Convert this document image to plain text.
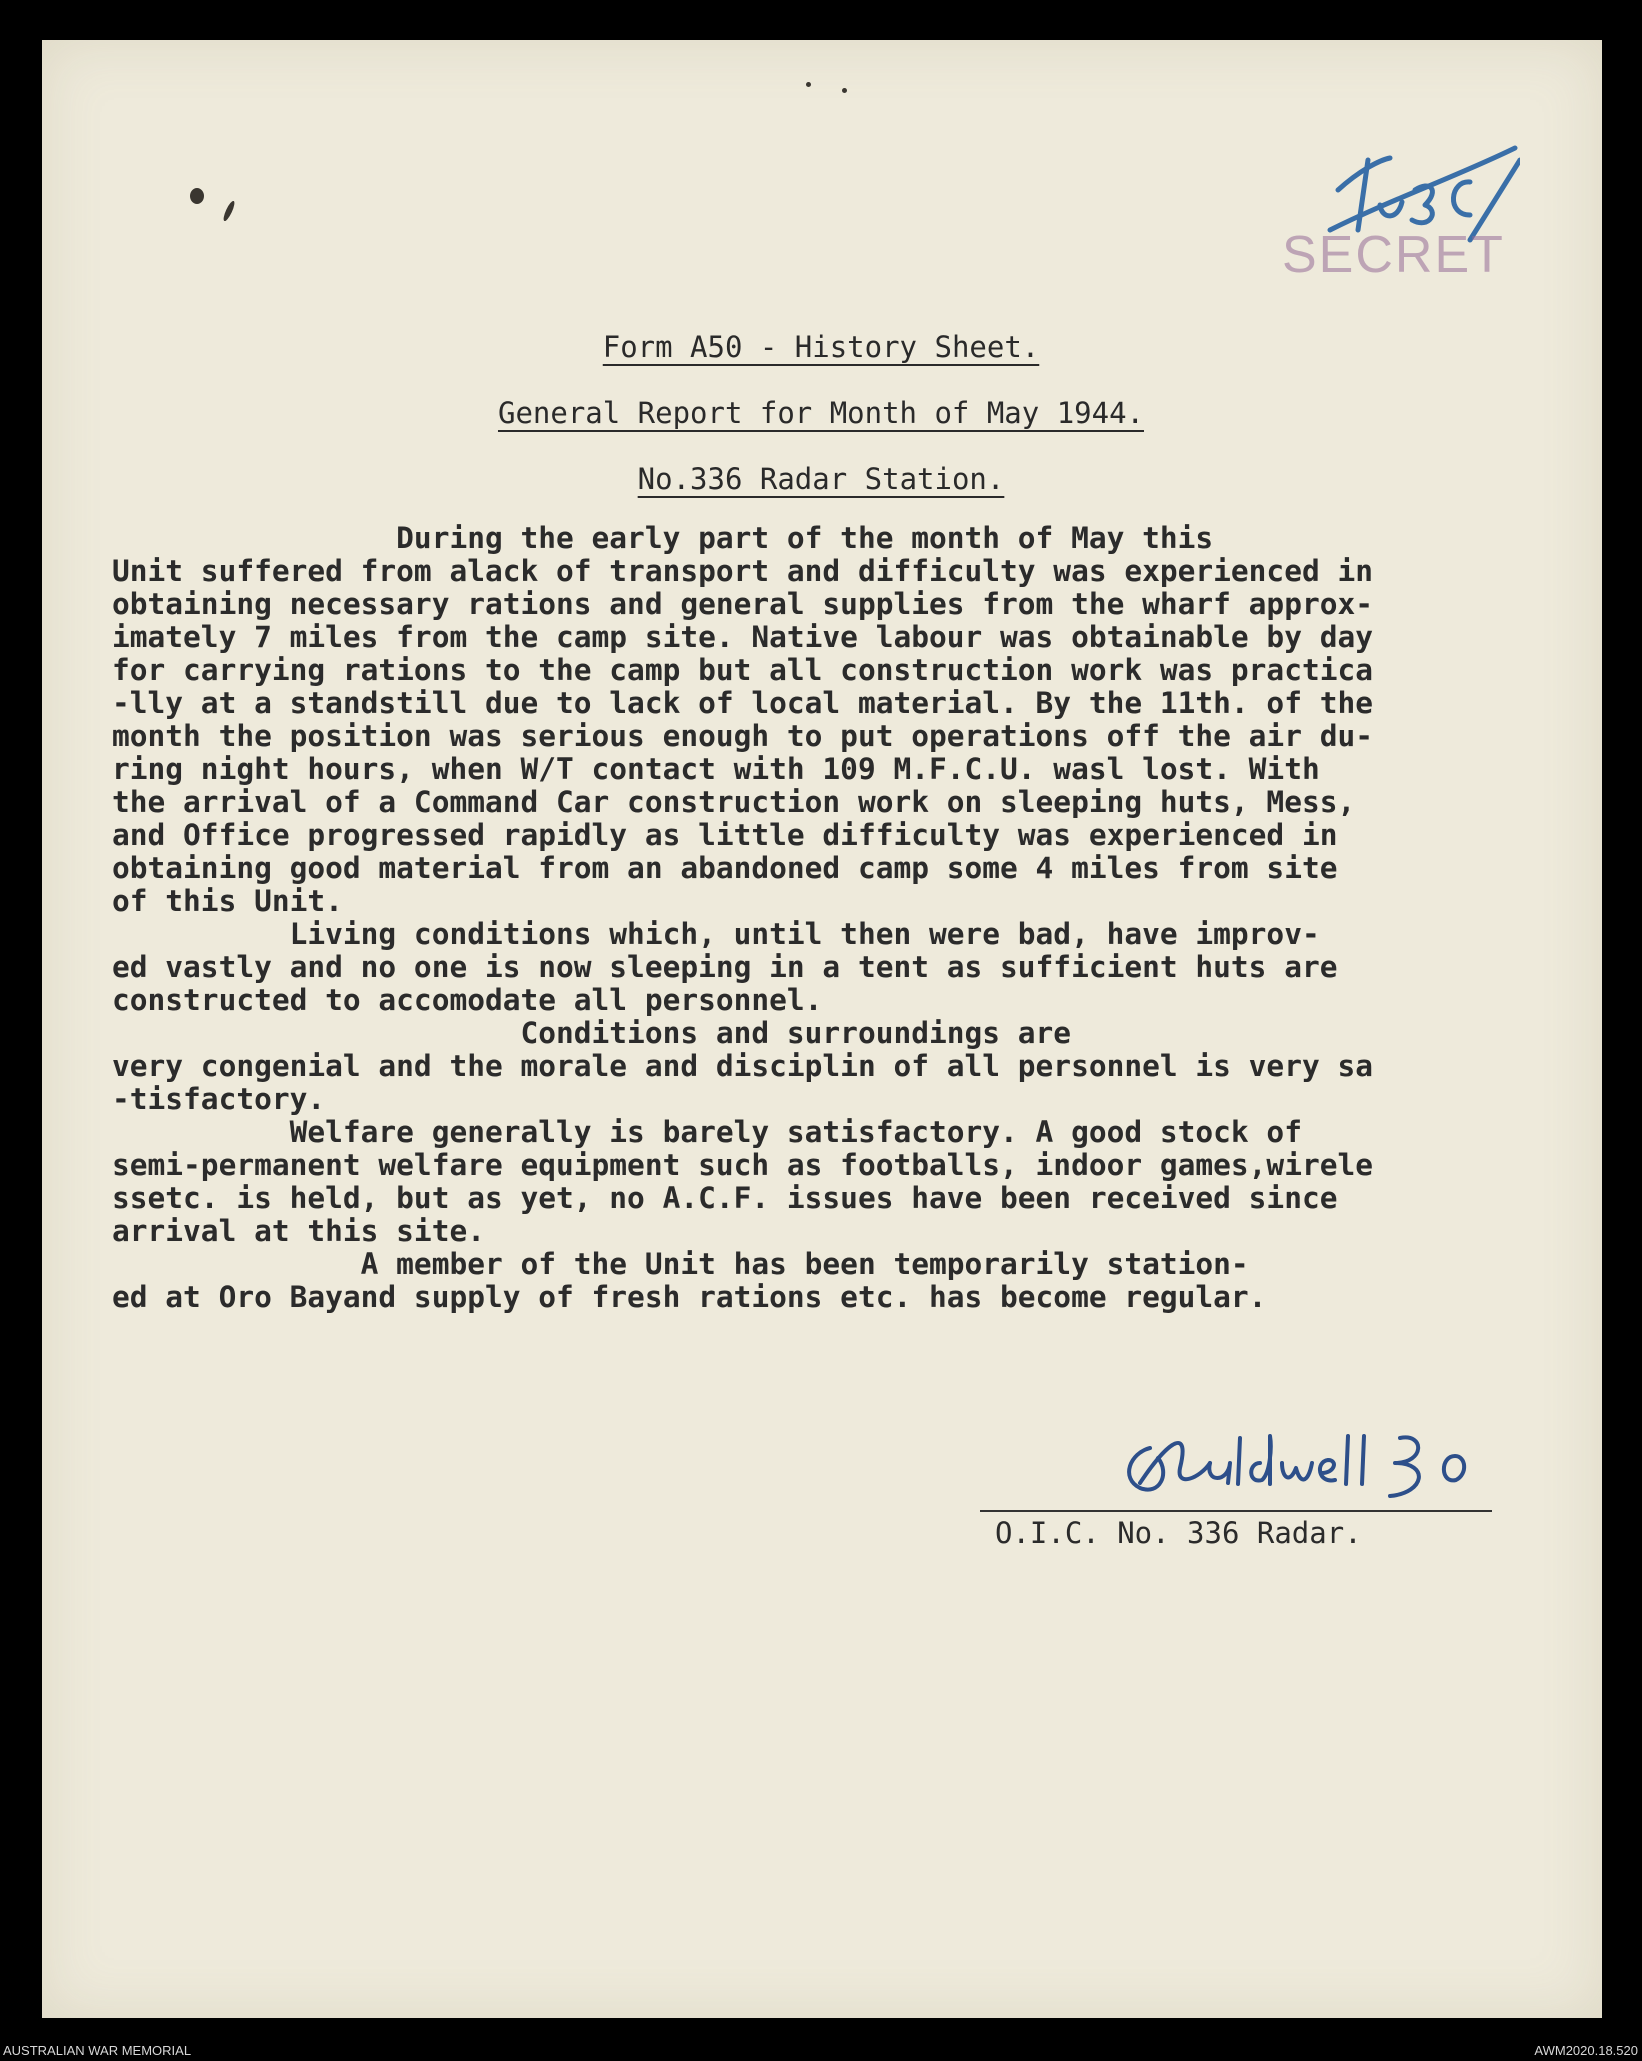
SECRET
Form A50 - History Sheet.
General Report for Month of May 1944.
No.336 Radar Station.
During the early part of the month of May this
Unit suffered from alack of transport and difficulty was experienced in
obtaining necessary rations and general supplies from the wharf approx-
imately 7 miles from the camp site. Native labour was obtainable by day
for carrying rations to the camp but all construction work was practica
-lly at a standstill due to lack of local material. By the 11th. of the
month the position was serious enough to put operations off the air du-
ring night hours, when W/T contact with 109 M.F.C.U. wasl lost. With
the arrival of a Command Car construction work on sleeping huts, Mess,
and Office progressed rapidly as little difficulty was experienced in
obtaining good material from an abandoned camp some 4 miles from site
of this Unit.
Living conditions which, until then were bad, have improv-
ed vastly and no one is now sleeping in a tent as sufficient huts are
constructed to accomodate all personnel.
Conditions and surroundings are
very congenial and the morale and disciplin of all personnel is very sa
-tisfactory.
Welfare generally is barely satisfactory. A good stock of
semi-permanent welfare equipment such as footballs, indoor games,wirele
ssetc. is held, but as yet, no A.C.F. issues have been received since
arrival at this site.
A member of the Unit has been temporarily station-
ed at Oro Bayand supply of fresh rations etc. has become regular.
O.I.C. No. 336 Radar.
AUSTRALIAN WAR MEMORIAL	AWM2020.18.520
